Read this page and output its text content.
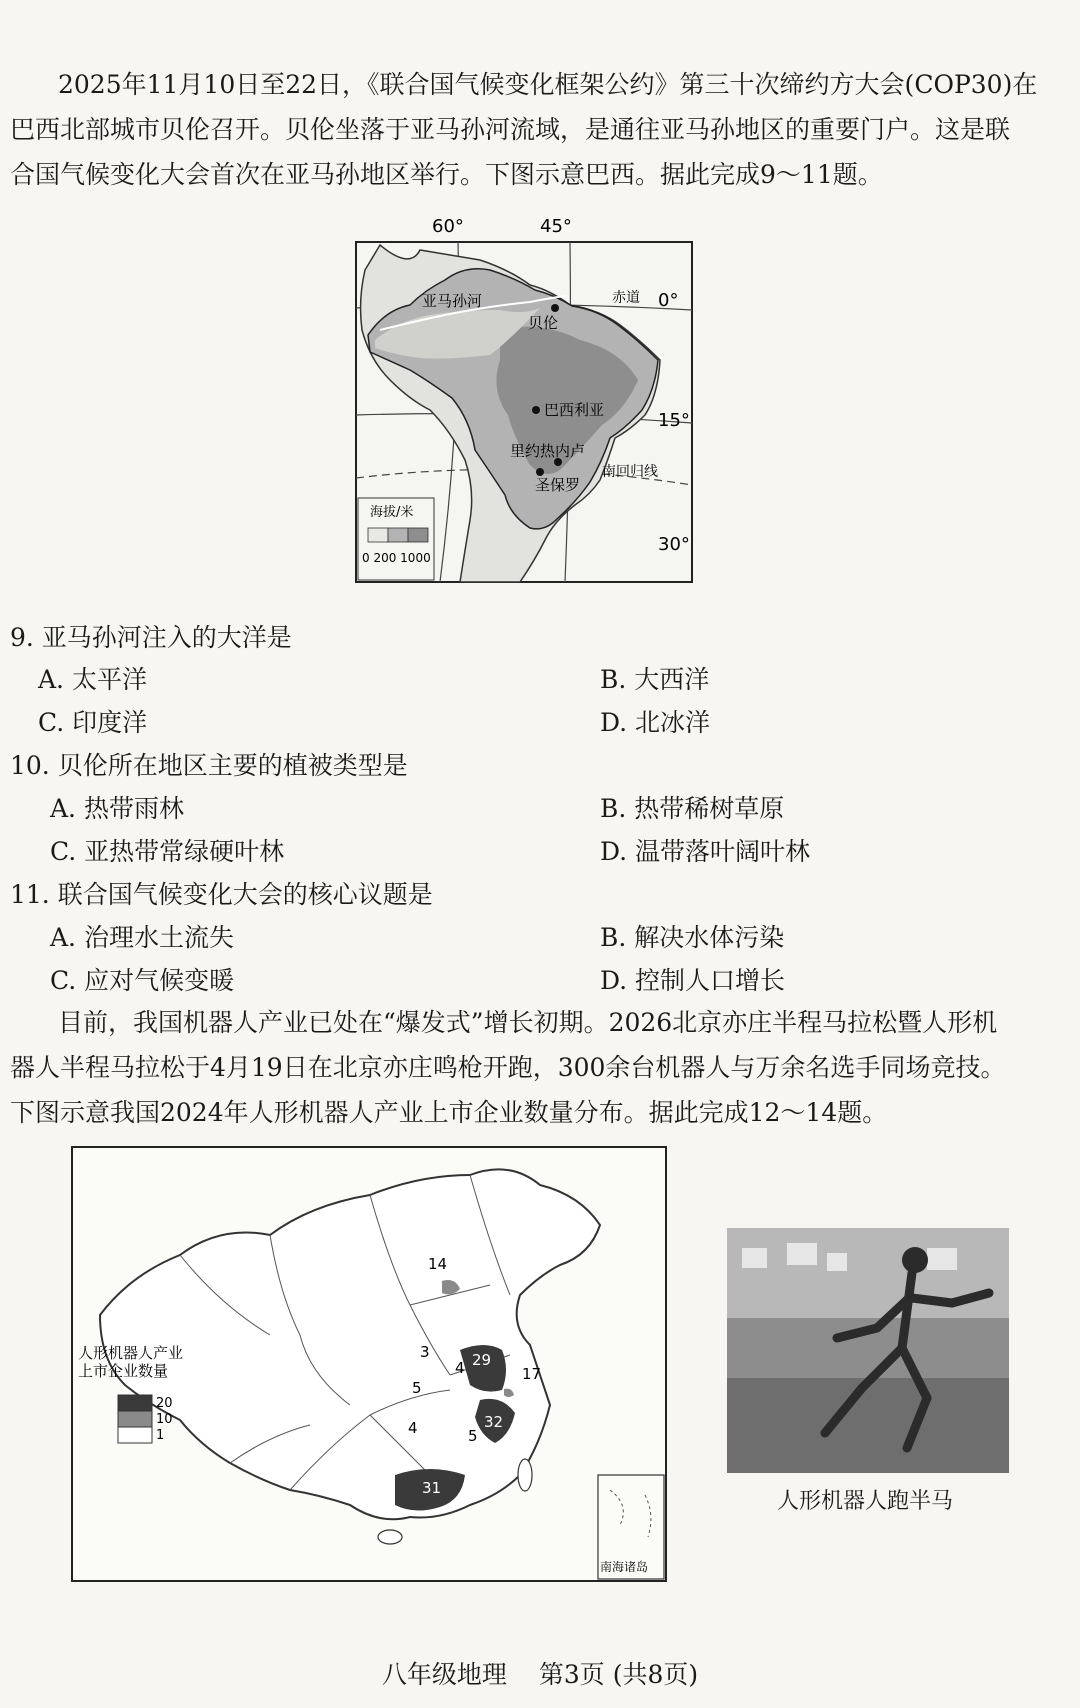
2025年11月10日至22日，《联合国气候变化框架公约》第三十次缔约方大会(COP30)在
巴西北部城市贝伦召开。贝伦坐落于亚马孙河流域，是通往亚马孙地区的重要门户。这是联
合国气候变化大会首次在亚马孙地区举行。下图示意巴西。据此完成9～11题。

60°	45°
0°
15°
30°
赤道
亚马孙河
贝伦
巴西利亚
里约热内卢
圣保罗
南回归线
海拔/米
0 200 1000

9. 亚马孙河注入的大洋是

A. 太平洋	B. 大西洋

C. 印度洋	D. 北冰洋

10. 贝伦所在地区主要的植被类型是

A. 热带雨林	B. 热带稀树草原

C. 亚热带常绿硬叶林	D. 温带落叶阔叶林

11. 联合国气候变化大会的核心议题是

A. 治理水土流失	B. 解决水体污染

C. 应对气候变暖	D. 控制人口增长

目前，我国机器人产业已处在“爆发式”增长初期。2026北京亦庄半程马拉松暨人形机
器人半程马拉松于4月19日在北京亦庄鸣枪开跑，300余台机器人与万余名选手同场竞技。
下图示意我国2024年人形机器人产业上市企业数量分布。据此完成12～14题。

14
3
4
5
29
17
32
4	5
31
人形机器人产业
上市企业数量
20
10
1
南海诸岛
人形机器人跑半马
八年级地理 第3页 (共8页)
